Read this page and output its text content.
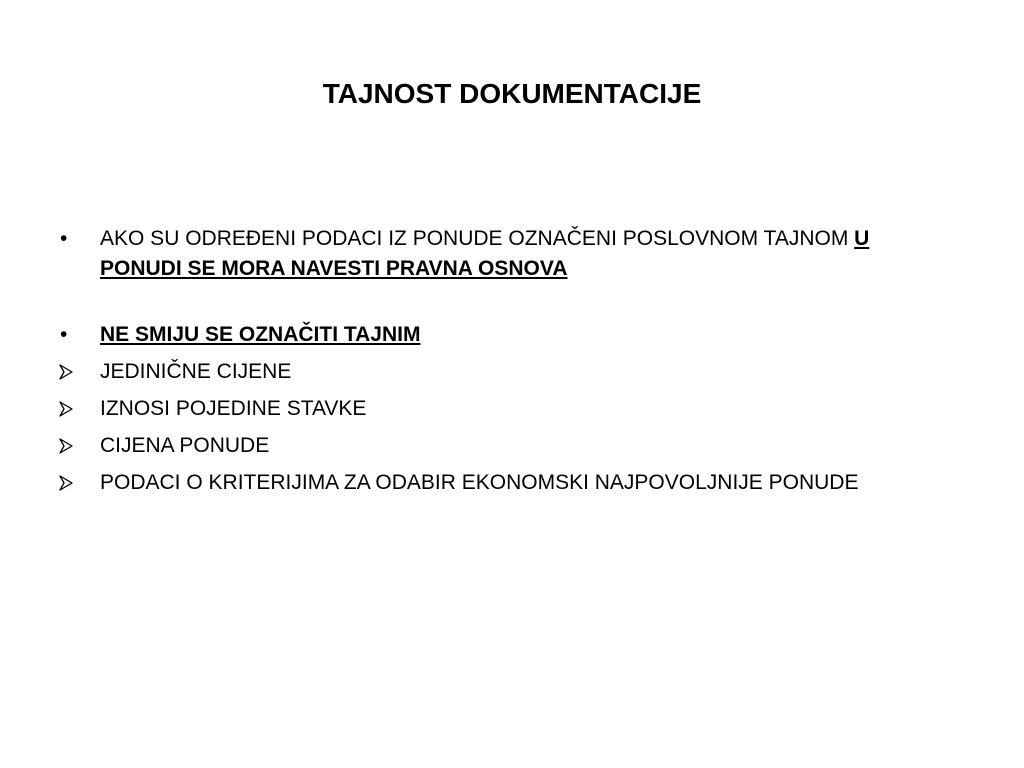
TAJNOST DOKUMENTACIJE
•	AKO SU ODREĐENI PODACI IZ PONUDE OZNAČENI POSLOVNOM TAJNOM U PONUDI SE MORA NAVESTI PRAVNA OSNOVA
•	NE SMIJU SE OZNAČITI TAJNIM
JEDINIČNE CIJENE
IZNOSI POJEDINE STAVKE
CIJENA PONUDE
PODACI O KRITERIJIMA ZA ODABIR EKONOMSKI NAJPOVOLJNIJE PONUDE
